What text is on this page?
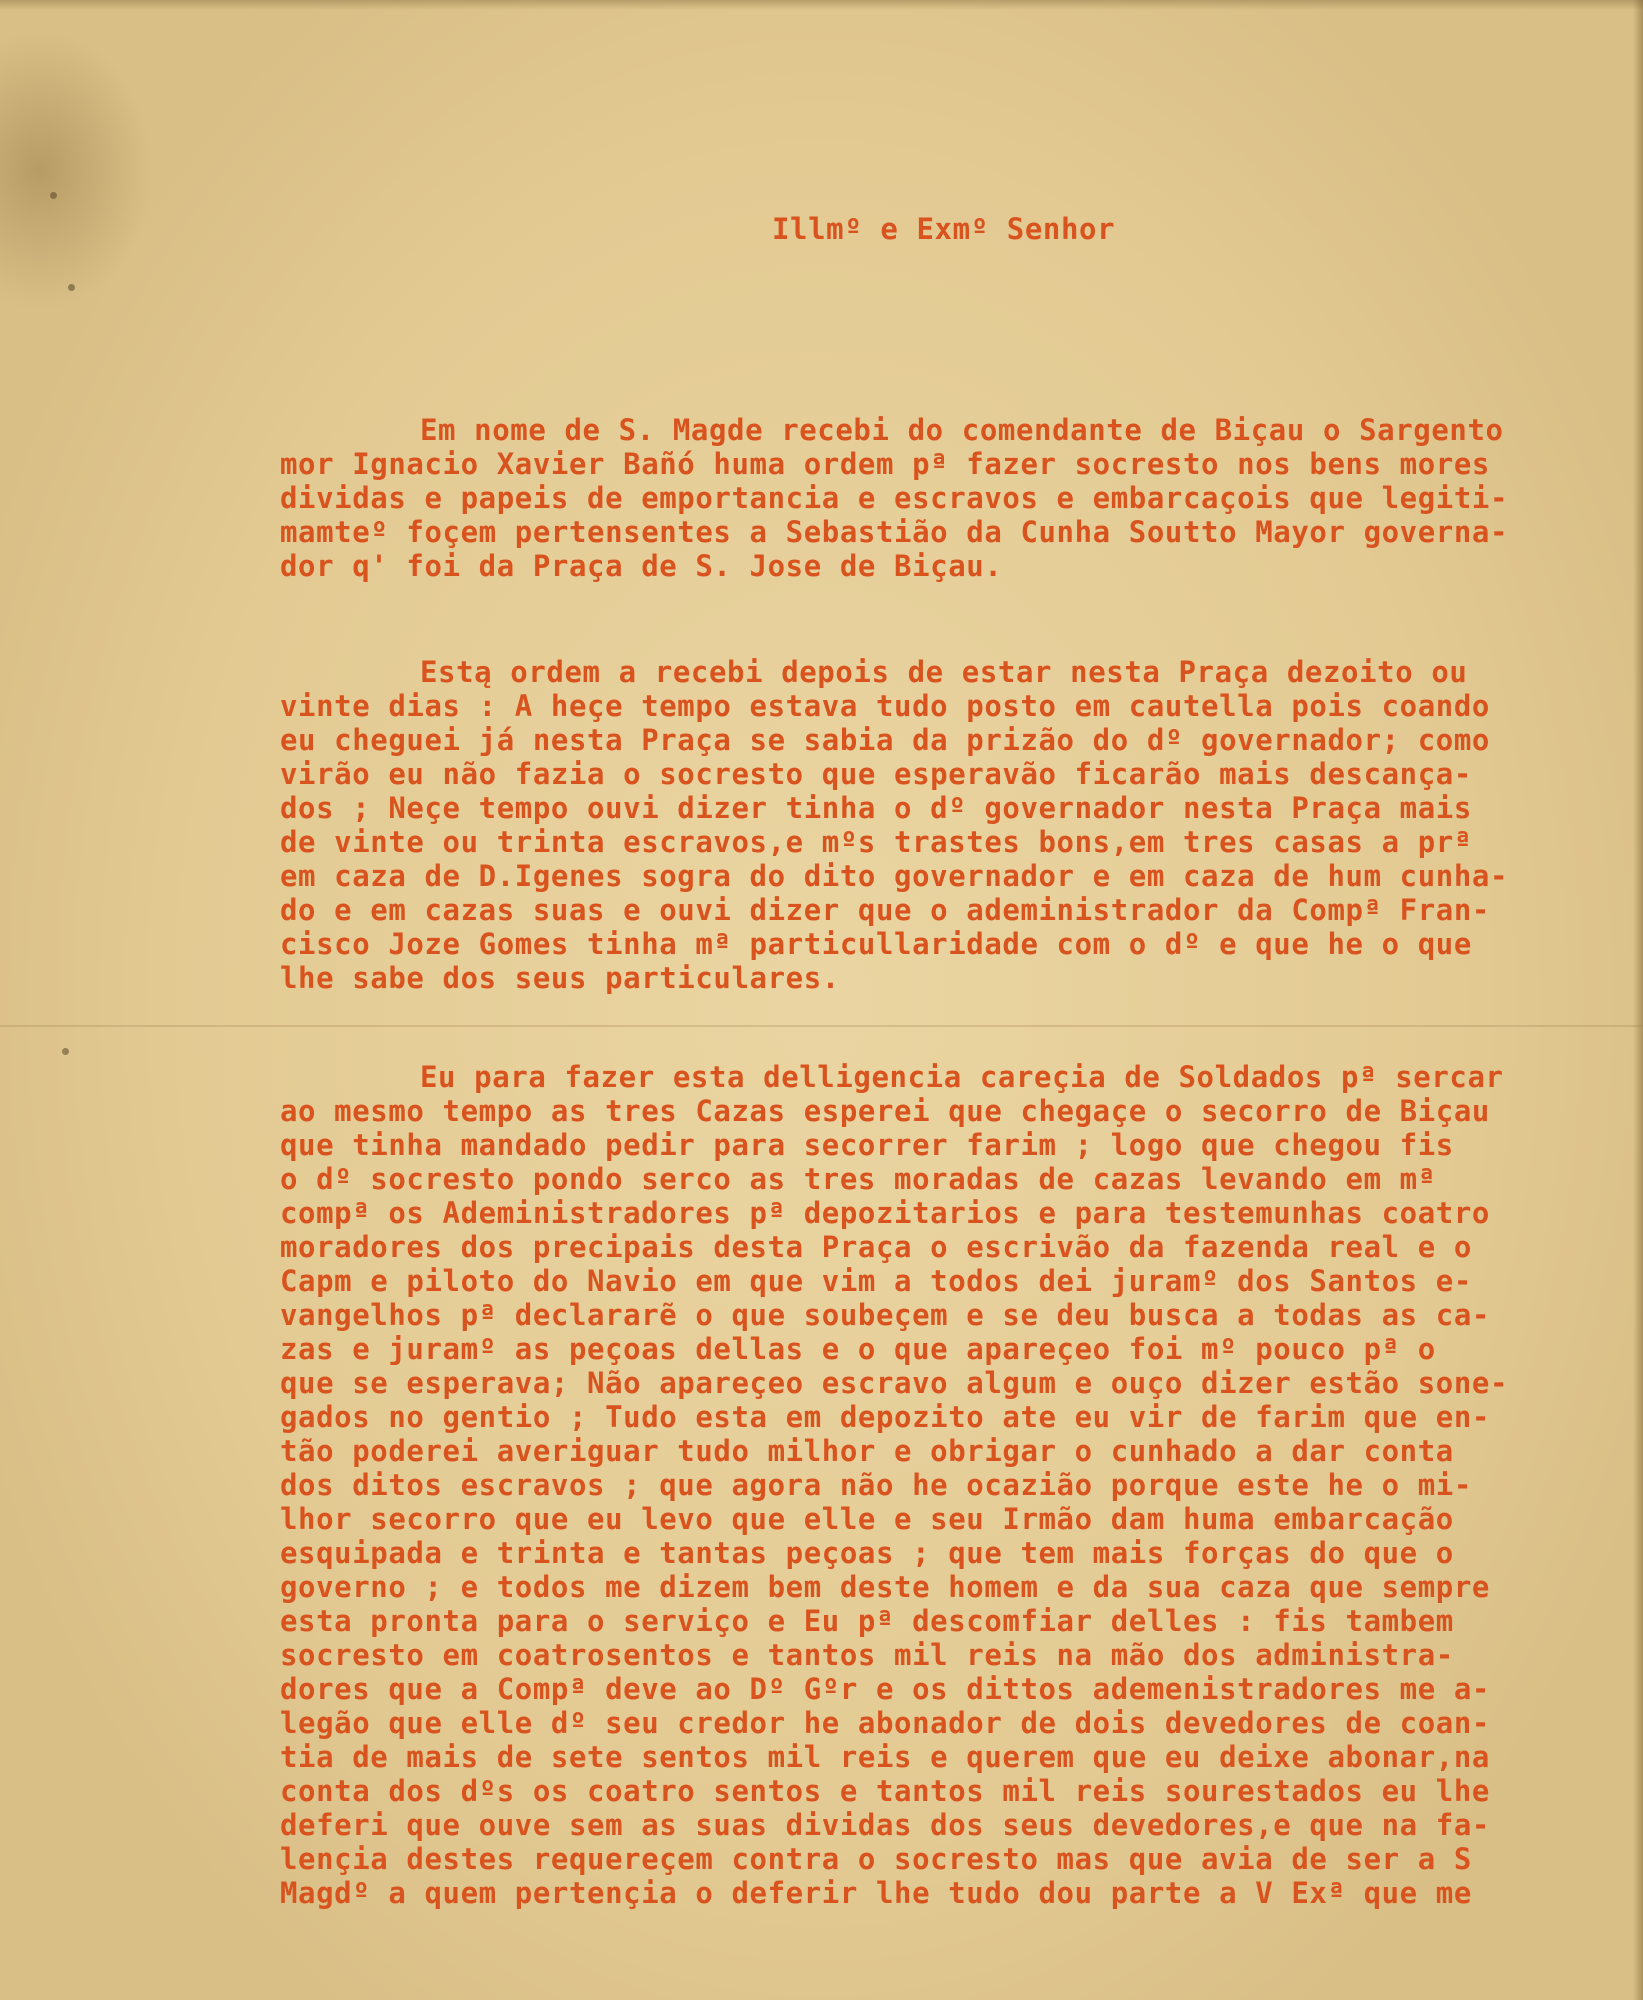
Illmº e Exmº Senhor
Em nome de S. Magde recebi do comendante de Biçau o Sargento
mor Ignacio Xavier Bañó huma ordem pª fazer socresto nos bens mores
dividas e papeis de emportancia e escravos e embarcaçois que legiti-
mamteº foçem pertensentes a Sebastião da Cunha Soutto Mayor governa-
dor q' foi da Praça de S. Jose de Biçau.
Estą ordem a recebi depois de estar nesta Praça dezoito ou
vinte dias : A heçe tempo estava tudo posto em cautella pois coando
eu cheguei já nesta Praça se sabia da prizão do dº governador; como
virão eu não fazia o socresto que esperavão ficarão mais descança-
dos ; Neçe tempo ouvi dizer tinha o dº governador nesta Praça mais
de vinte ou trinta escravos,e mºs trastes bons,em tres casas a prª
em caza de D.Igenes sogra do dito governador e em caza de hum cunha-
do e em cazas suas e ouvi dizer que o adeministrador da Compª Fran-
cisco Joze Gomes tinha mª particullaridade com o dº e que he o que
lhe sabe dos seus particulares.
Eu para fazer esta delligencia careçia de Soldados pª sercar
ao mesmo tempo as tres Cazas esperei que chegaçe o secorro de Biçau
que tinha mandado pedir para secorrer farim ; logo que chegou fis
o dº socresto pondo serco as tres moradas de cazas levando em mª
compª os Adeministradores pª depozitarios e para testemunhas coatro
moradores dos precipais desta Praça o escrivão da fazenda real e o
Capm e piloto do Navio em que vim a todos dei juramº dos Santos e-
vangelhos pª declararẽ o que soubeçem e se deu busca a todas as ca-
zas e juramº as peçoas dellas e o que apareçeo foi mº pouco pª o
que se esperava; Não apareçeo escravo algum e ouço dizer estão sone-
gados no gentio ; Tudo esta em depozito ate eu vir de farim que en-
tão poderei averiguar tudo milhor e obrigar o cunhado a dar conta
dos ditos escravos ; que agora não he ocazião porque este he o mi-
lhor secorro que eu levo que elle e seu Irmão dam huma embarcação
esquipada e trinta e tantas peçoas ; que tem mais forças do que o
governo ; e todos me dizem bem deste homem e da sua caza que sempre
esta pronta para o serviço e Eu pª descomfiar delles : fis tambem
socresto em coatrosentos e tantos mil reis na mão dos administra-
dores que a Compª deve ao Dº Gºr e os dittos ademenistradores me a-
legão que elle dº seu credor he abonador de dois devedores de coan-
tia de mais de sete sentos mil reis e querem que eu deixe abonar,na
conta dos dºs os coatro sentos e tantos mil reis sourestados eu lhe
deferi que ouve sem as suas dividas dos seus devedores,e que na fa-
lençia destes requereçem contra o socresto mas que avia de ser a S
Magdº a quem pertençia o deferir lhe tudo dou parte a V Exª que me
